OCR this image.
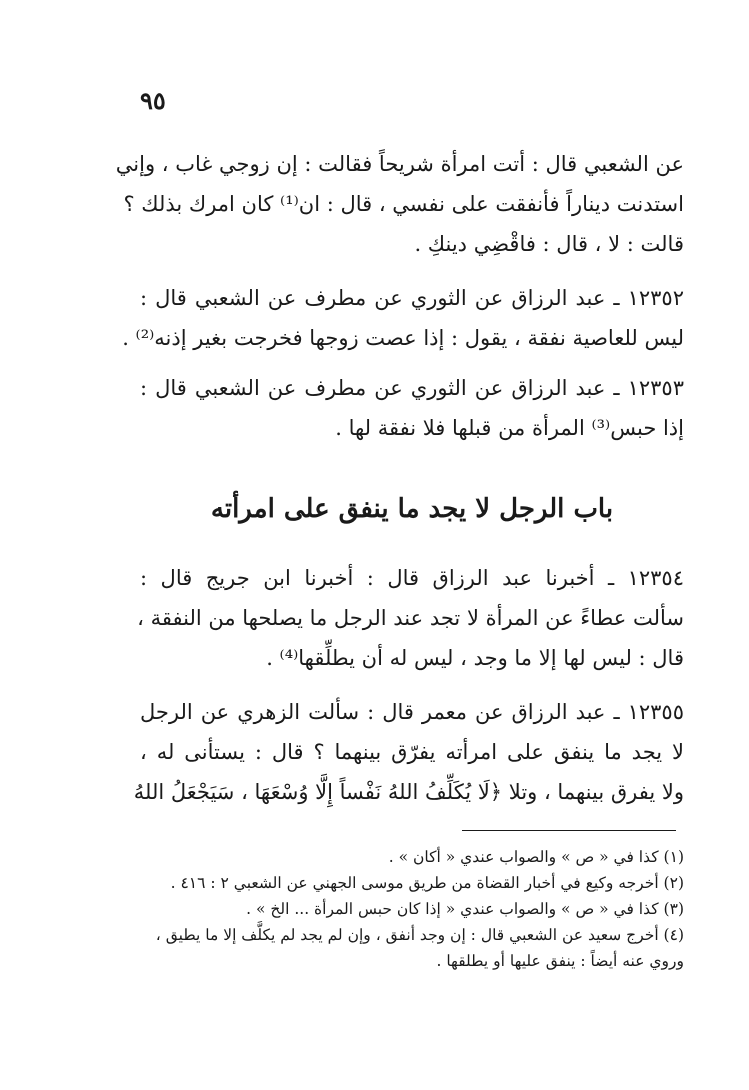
٩٥
عن الشعبي قال : أتت امرأة شريحاً فقالت : إن زوجي غاب ، وإني
استدنت ديناراً فأنفقت على نفسي ، قال : ان⁽¹⁾ كان امرك بذلك ؟
قالت : لا ، قال : فاقْضِي دينكِ .
١٢٣٥٢ ـ عبد الرزاق عن الثوري عن مطرف عن الشعبي قال :
ليس للعاصية نفقة ، يقول : إذا عصت زوجها فخرجت بغير إذنه⁽²⁾ .
١٢٣٥٣ ـ عبد الرزاق عن الثوري عن مطرف عن الشعبي قال :
إذا حبس⁽³⁾ المرأة من قبلها فلا نفقة لها .
باب الرجل لا يجد ما ينفق على امرأته
١٢٣٥٤ ـ أخبرنا عبد الرزاق قال : أخبرنا ابن جريج قال :
سألت عطاءً عن المرأة لا تجد عند الرجل ما يصلحها من النفقة ،
قال : ليس لها إلا ما وجد ، ليس له أن يطلِّقها⁽⁴⁾ .
١٢٣٥٥ ـ عبد الرزاق عن معمر قال : سألت الزهري عن الرجل
لا يجد ما ينفق على امرأته يفرّق بينهما ؟ قال : يستأنى له ،
ولا يفرق بينهما ، وتلا ﴿لَا يُكَلِّفُ اللهُ نَفْساً إِلَّا وُسْعَهَا ، سَيَجْعَلُ اللهُ
(١) كذا في « ص » والصواب عندي « أكان » .
(٢) أخرجه وكيع في أخبار القضاة من طريق موسى الجهني عن الشعبي ٢ : ٤١٦ .
(٣) كذا في « ص » والصواب عندي « إذا كان حبس المرأة ... الخ » .
(٤) أخرج سعيد عن الشعبي قال : إن وجد أنفق ، وإن لم يجد لم يكلَّف إلا ما يطيق ،
وروي عنه أيضاً : ينفق عليها أو يطلقها .
